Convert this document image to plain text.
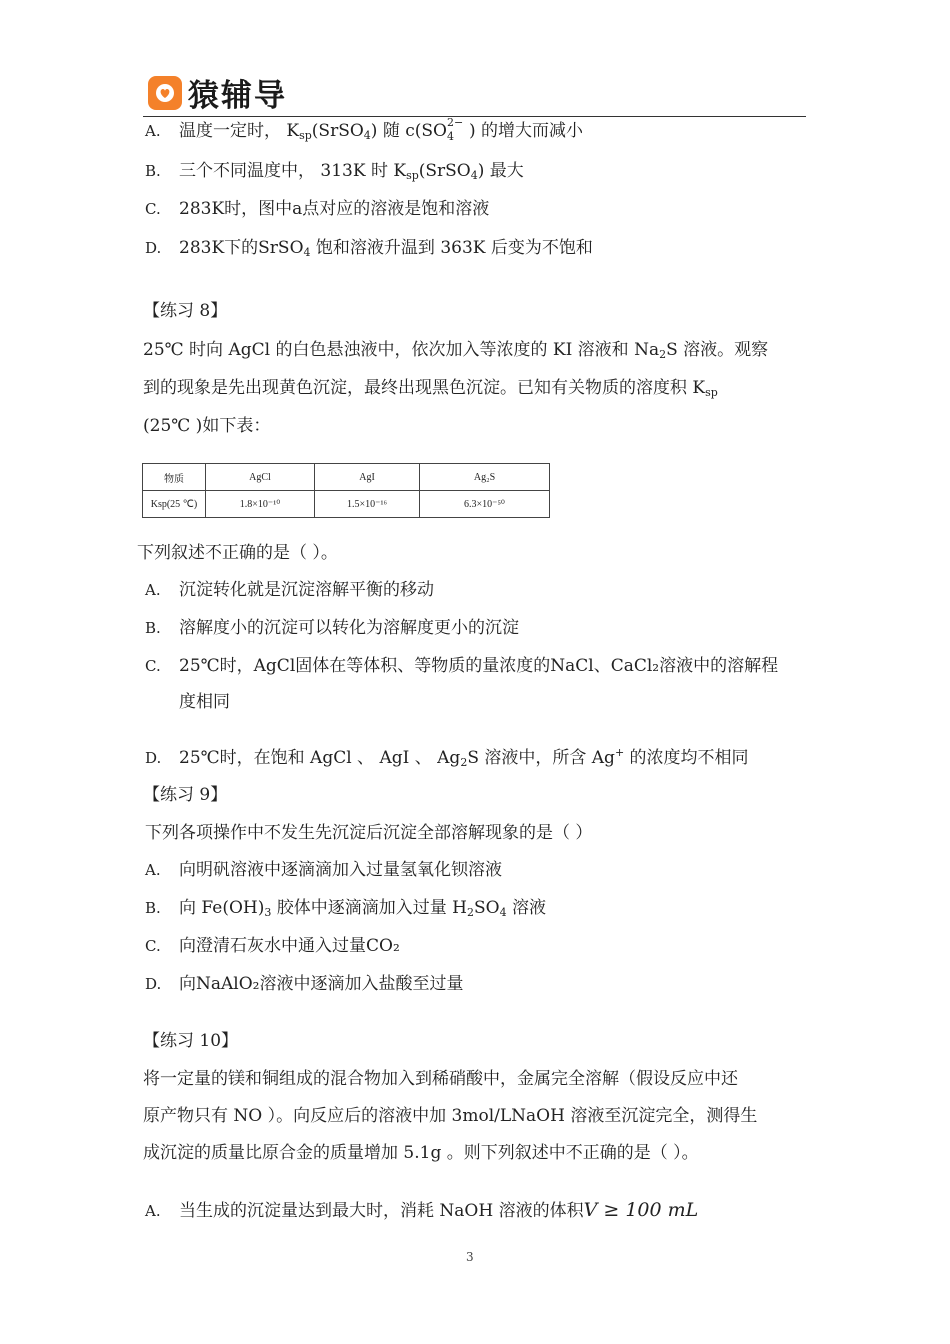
猿辅导
A. 温度一定时， $K_{sp}(SrSO_4)$ 随 c(SO 2−
4 ) 的增大而减小
B. 三个不同温度中， 313K 时 $K_{sp}(SrSO_4)$ 最大
C. 283K时，图中a点对应的溶液是饱和溶液
D. 283K下的SrSO$_4$ 饱和溶液升温到 363K 后变为不饱和
【练习 8】
25℃ 时向 AgCl 的白色悬浊液中，依次加入等浓度的 KI 溶液和 $Na_2S$ 溶液。观察
到的现象是先出现黄色沉淀，最终出现黑色沉淀。已知有关物质的溶度积 $K_{sp}$
(25℃ )如下表：
物质	AgCl	AgI	Ag₂S
Ksp(25 ℃)	1.8×10⁻¹⁰	1.5×10⁻¹⁶	6.3×10⁻⁵⁰
下列叙述不正确的是（ ）。
A. 沉淀转化就是沉淀溶解平衡的移动
B. 溶解度小的沉淀可以转化为溶解度更小的沉淀
C. 25℃时，AgCl固体在等体积、等物质的量浓度的NaCl、CaCl₂溶液中的溶解程
度相同
D. 25℃时，在饱和 AgCl 、 AgI 、 $Ag_2S$ 溶液中，所含 Ag+ 的浓度均不相同
【练习 9】
下列各项操作中不发生先沉淀后沉淀全部溶解现象的是（ ）
A. 向明矾溶液中逐滴滴加入过量氢氧化钡溶液
B. 向 $Fe(OH)_3$ 胶体中逐滴滴加入过量 $H_2SO_4$ 溶液
C. 向澄清石灰水中通入过量CO₂
D. 向NaAlO₂溶液中逐滴加入盐酸至过量
【练习 10】
将一定量的镁和铜组成的混合物加入到稀硝酸中，金属完全溶解（假设反应中还
原产物只有 NO ）。向反应后的溶液中加 3mol/LNaOH 溶液至沉淀完全，测得生
成沉淀的质量比原合金的质量增加 5.1g 。则下列叙述中不正确的是（ ）。
A. 当生成的沉淀量达到最大时，消耗 NaOH 溶液的体积V ≥ 100 mL
3
